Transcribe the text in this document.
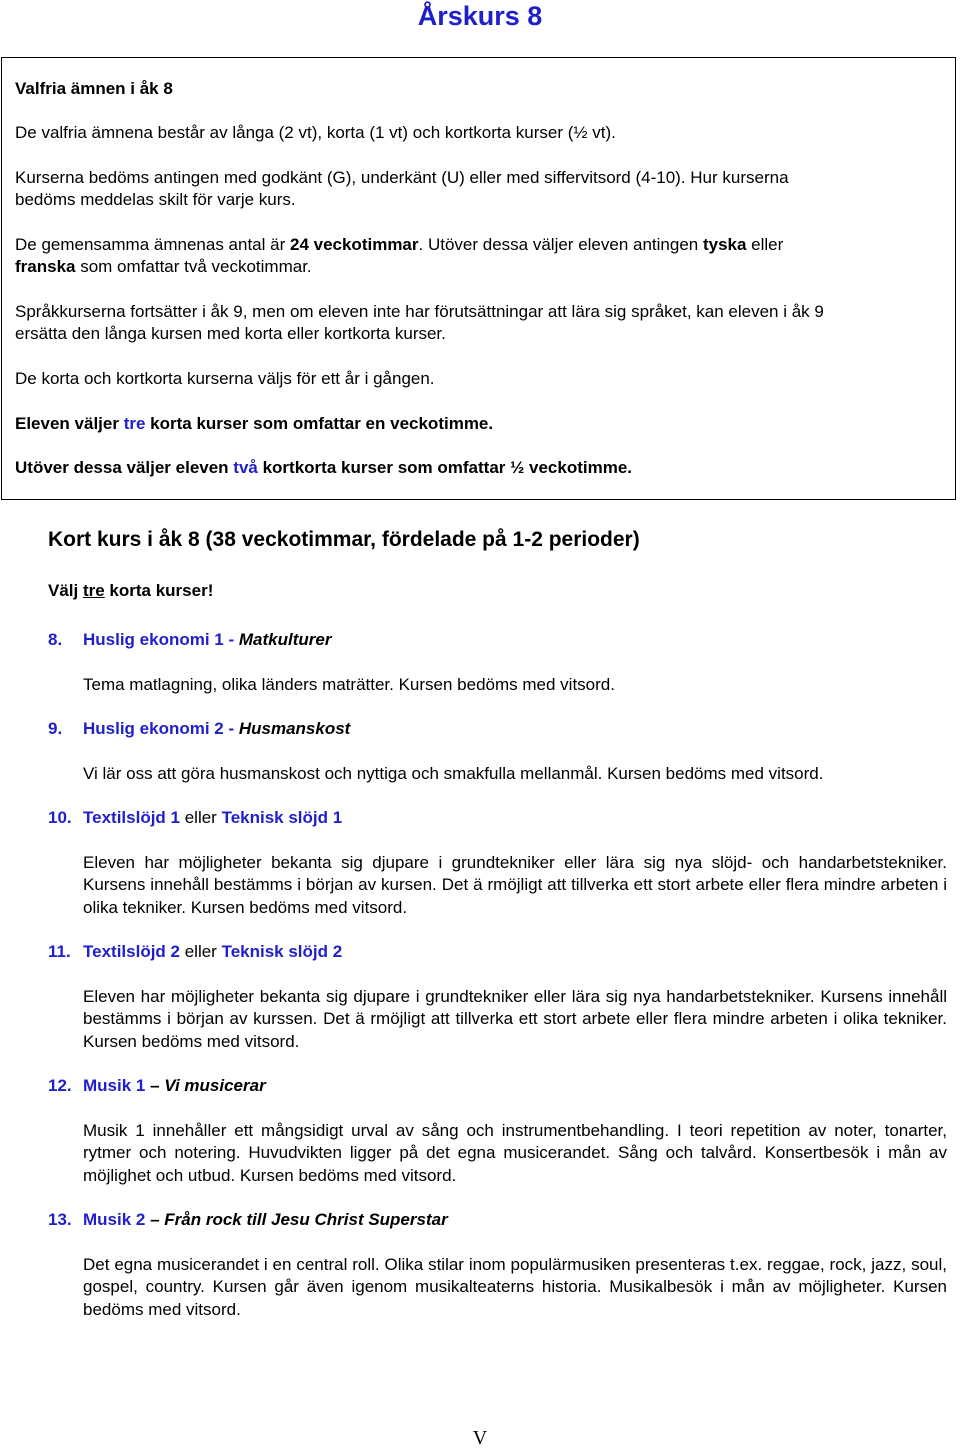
Årskurs 8
Valfria ämnen i åk 8
De valfria ämnena består av långa (2 vt), korta (1 vt) och kortkorta kurser (½ vt).
Kurserna bedöms antingen med godkänt (G), underkänt (U) eller med siffervitsord (4-10). Hur kurserna
bedöms meddelas skilt för varje kurs.
De gemensamma ämnenas antal är 24 veckotimmar. Utöver dessa väljer eleven antingen tyska eller
franska som omfattar två veckotimmar.
Språkkurserna fortsätter i åk 9, men om eleven inte har förutsättningar att lära sig språket, kan eleven i åk 9
ersätta den långa kursen med korta eller kortkorta kurser.
De korta och kortkorta kurserna väljs för ett år i gången.
Eleven väljer tre korta kurser som omfattar en veckotimme.
Utöver dessa väljer eleven två kortkorta kurser som omfattar ½ veckotimme.
Kort kurs i åk 8 (38 veckotimmar, fördelade på 1-2 perioder)
Välj tre korta kurser!
8. Huslig ekonomi 1 - Matkulturer
Tema matlagning, olika länders maträtter. Kursen bedöms med vitsord.
9. Huslig ekonomi 2 - Husmanskost
Vi lär oss att göra husmanskost och nyttiga och smakfulla mellanmål. Kursen bedöms med vitsord.
10. Textilslöjd 1 eller Teknisk slöjd 1
Eleven har möjligheter bekanta sig djupare i grundtekniker eller lära sig nya slöjd- och handarbetstekniker. Kursens innehåll bestämms i början av kursen. Det ä rmöjligt att tillverka ett stort arbete eller flera mindre arbeten i olika tekniker. Kursen bedöms med vitsord.
11. Textilslöjd 2 eller Teknisk slöjd 2
Eleven har möjligheter bekanta sig djupare i grundtekniker eller lära sig nya handarbetstekniker. Kursens innehåll bestämms i början av kurssen. Det ä rmöjligt att tillverka ett stort arbete eller flera mindre arbeten i olika tekniker. Kursen bedöms med vitsord.
12. Musik 1 – Vi musicerar
Musik 1 innehåller ett mångsidigt urval av sång och instrumentbehandling. I teori repetition av noter, tonarter, rytmer och notering. Huvudvikten ligger på det egna musicerandet. Sång och talvård. Konsertbesök i mån av möjlighet och utbud. Kursen bedöms med vitsord.
13. Musik 2 – Från rock till Jesu Christ Superstar
Det egna musicerandet i en central roll. Olika stilar inom populärmusiken presenteras t.ex. reggae, rock, jazz, soul, gospel, country. Kursen går även igenom musikalteaterns historia. Musikalbesök i mån av möjligheter. Kursen bedöms med vitsord.
V
